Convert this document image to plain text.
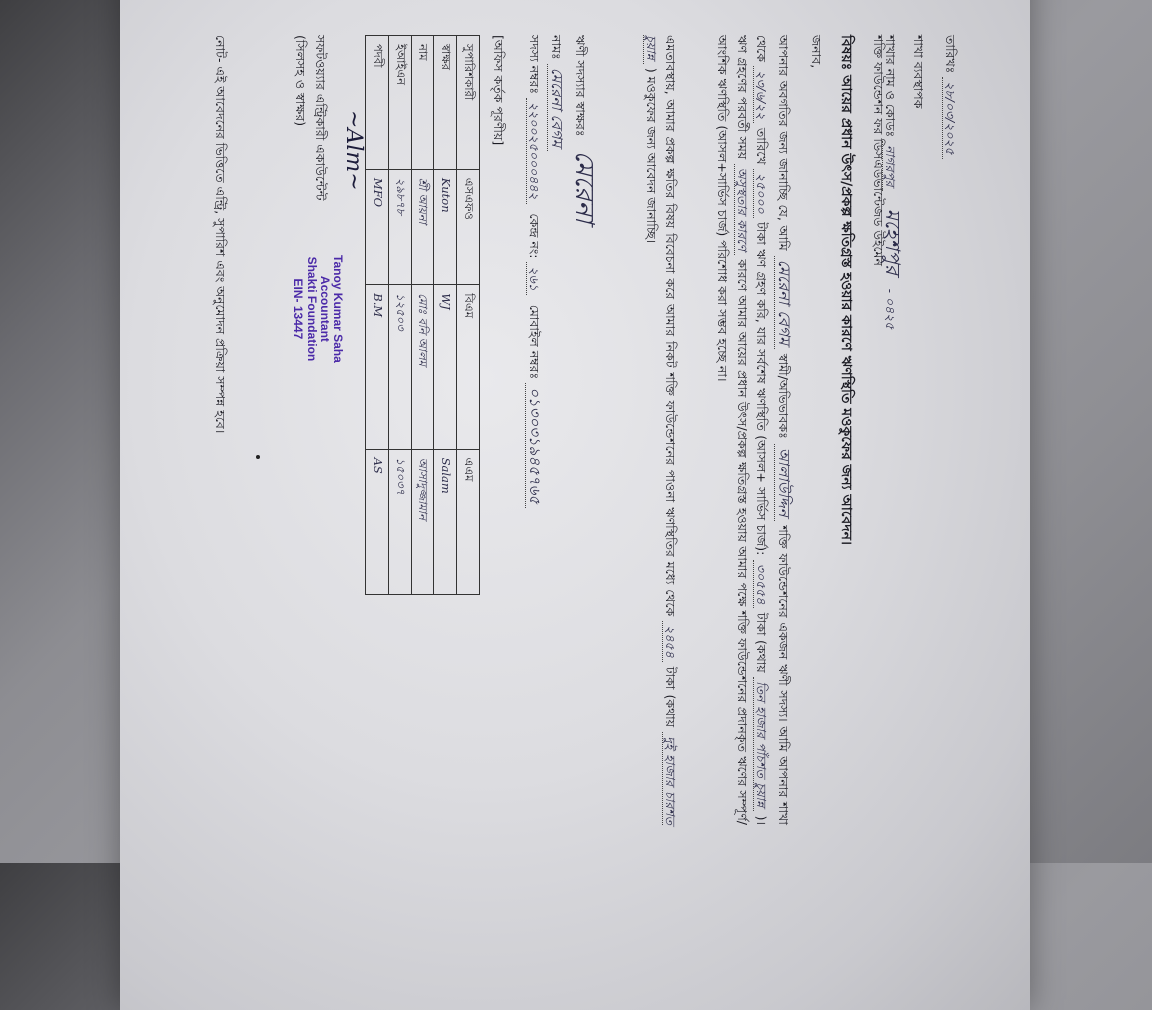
তারিখঃ ২৮/০৩/২০২৫
শাখা ব্যবস্থাপক
শাখার নাম ও কোডঃ নাগরপুর মহেশপুর - ০৪২৫
শক্তি ফাউন্ডেশন ফর ডিসএডভান্টেজড উইমেন
বিষয়ঃ আয়ের প্রধান উৎস/প্রকল্প ক্ষতিগ্রস্ত হওয়ার কারণে ঋণস্থিতি মওকুফের জন্য আবেদন।
জনাব,
আপনার অবগতির জন্য জানাচ্ছি যে, আমি মেরেনা বেগম স্বামী/অভিভাবকঃ আলাউদ্দিন শক্তি ফাউন্ডেশনের একজন ঋণী সদস্য। আমি আপনার শাখা থেকে ২৩/৬/২২ তারিখে ২৫০০০ টাকা ঋণ গ্রহণ করি, যার সর্বশেষ ঋণস্থিতি (আসল+ সার্ভিস চার্জ): ৩০৫৫৪ টাকা (কথায় তিন হাজার পাঁচশত চুয়ান্ন )। ঋণ গ্রহণের পরবর্তী সময় অসুস্থতার কারণে কারণে আমার আয়ের প্রধান উৎস/প্রকল্প ক্ষতিগ্রস্ত হওয়ায় আমার পক্ষে শক্তি ফাউন্ডেশনের প্রদানকৃত ঋণের সম্পূর্ণ/আংশিক ঋণস্থিতি (আসল+সার্ভিস চার্জ) পরিশোধ করা সম্ভব হচ্ছে না।
এমতাবস্থায়, আমার প্রকল্প ক্ষতির বিষয় বিবেচনা করে আমার নিকট শক্তি ফাউন্ডেশনের পাওনা ঋণস্থিতির মধ্যে থেকে ২৪৫৪ টাকা (কথায় দুই হাজার চারশত চুয়ান্ন ) মওকুফের জন্য আবেদন জানাচ্ছি।
ঋণী সদস্যার স্বাক্ষরঃ মেরেনা
নামঃ মেরেনা বেগম
সদস্য নম্বরঃ ২২০০২৫০০০৪৪২ কেন্দ্র নং: ২৬১ মোবাইল নম্বরঃ ০১৩০৩১৯৪৫৭৬৫
[অফিস কর্তৃক পূরণীয়]
সুপারিশকারী	এসএফও	বিএম	এএম
স্বাক্ষর	Kuton	WJ	Salam
নাম	শ্রী আয়না	মোঃ বনি আলম	আসাদুজ্জামান
ইআইএন	২৯৮৭৮	১২৫০৩	১৫০৩৭
পদবী	MFO	B.M	AS
~Alm~
সফটওয়্যার এন্ট্রিকারী একাউন্টেন্ট
(সিলসহ ও স্বাক্ষর)
Tanoy Kumar Saha
Accountant
Shakti Foundation
EIN- 13447
নোট- এই আবেদনের ভিত্তিতে এন্ট্রি, সুপারিশ এবং অনুমোদন প্রক্রিয়া সম্পন্ন হবে।
